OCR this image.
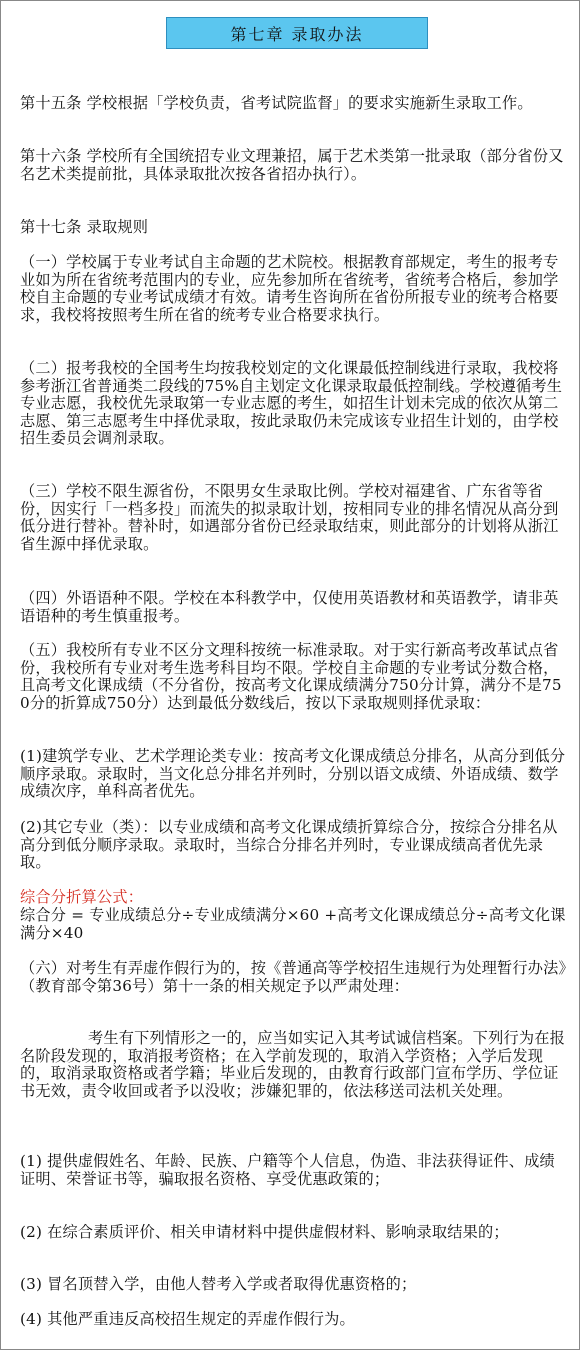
第七章 录取办法

第十五条 学校根据「学校负责，省考试院监督」的要求实施新生录取工作。

第十六条 学校所有全国统招专业文理兼招，属于艺术类第一批录取（部分省份又名艺术类提前批，具体录取批次按各省招办执行）。

第十七条 录取规则

（一）学校属于专业考试自主命题的艺术院校。根据教育部规定，考生的报考专业如为所在省统考范围内的专业，应先参加所在省统考，省统考合格后，参加学校自主命题的专业考试成绩才有效。请考生咨询所在省份所报专业的统考合格要求，我校将按照考生所在省的统考专业合格要求执行。

（二）报考我校的全国考生均按我校划定的文化课最低控制线进行录取，我校将参考浙江省普通类二段线的75%自主划定文化课录取最低控制线。学校遵循考生专业志愿，我校优先录取第一专业志愿的考生，如招生计划未完成的依次从第二志愿、第三志愿考生中择优录取，按此录取仍未完成该专业招生计划的，由学校招生委员会调剂录取。

（三）学校不限生源省份，不限男女生录取比例。学校对福建省、广东省等省份，因实行「一档多投」而流失的拟录取计划，按相同专业的排名情况从高分到低分进行替补。替补时，如遇部分省份已经录取结束，则此部分的计划将从浙江省生源中择优录取。

（四）外语语种不限。学校在本科教学中，仅使用英语教材和英语教学，请非英语语种的考生慎重报考。

（五）我校所有专业不区分文理科按统一标准录取。对于实行新高考改革试点省份，我校所有专业对考生选考科目均不限。学校自主命题的专业考试分数合格，且高考文化课成绩（不分省份，按高考文化课成绩满分750分计算，满分不是750分的折算成750分）达到最低分数线后，按以下录取规则择优录取：

(1)建筑学专业、艺术学理论类专业：按高考文化课成绩总分排名，从高分到低分顺序录取。录取时，当文化总分排名并列时，分别以语文成绩、外语成绩、数学成绩次序，单科高者优先。

(2)其它专业（类）：以专业成绩和高考文化课成绩折算综合分，按综合分排名从高分到低分顺序录取。录取时，当综合分排名并列时，专业课成绩高者优先录取。

综合分折算公式：

综合分 = 专业成绩总分÷专业成绩满分×60 +高考文化课成绩总分÷高考文化课满分×40

（六）对考生有弄虚作假行为的，按《普通高等学校招生违规行为处理暂行办法》（教育部令第36号）第十一条的相关规定予以严肃处理：

考生有下列情形之一的，应当如实记入其考试诚信档案。下列行为在报名阶段发现的，取消报考资格；在入学前发现的，取消入学资格；入学后发现的，取消录取资格或者学籍；毕业后发现的，由教育行政部门宣布学历、学位证书无效，责令收回或者予以没收；涉嫌犯罪的，依法移送司法机关处理。

(1) 提供虚假姓名、年龄、民族、户籍等个人信息，伪造、非法获得证件、成绩证明、荣誉证书等，骗取报名资格、享受优惠政策的；

(2) 在综合素质评价、相关申请材料中提供虚假材料、影响录取结果的；

(3) 冒名顶替入学，由他人替考入学或者取得优惠资格的；

(4) 其他严重违反高校招生规定的弄虚作假行为。
